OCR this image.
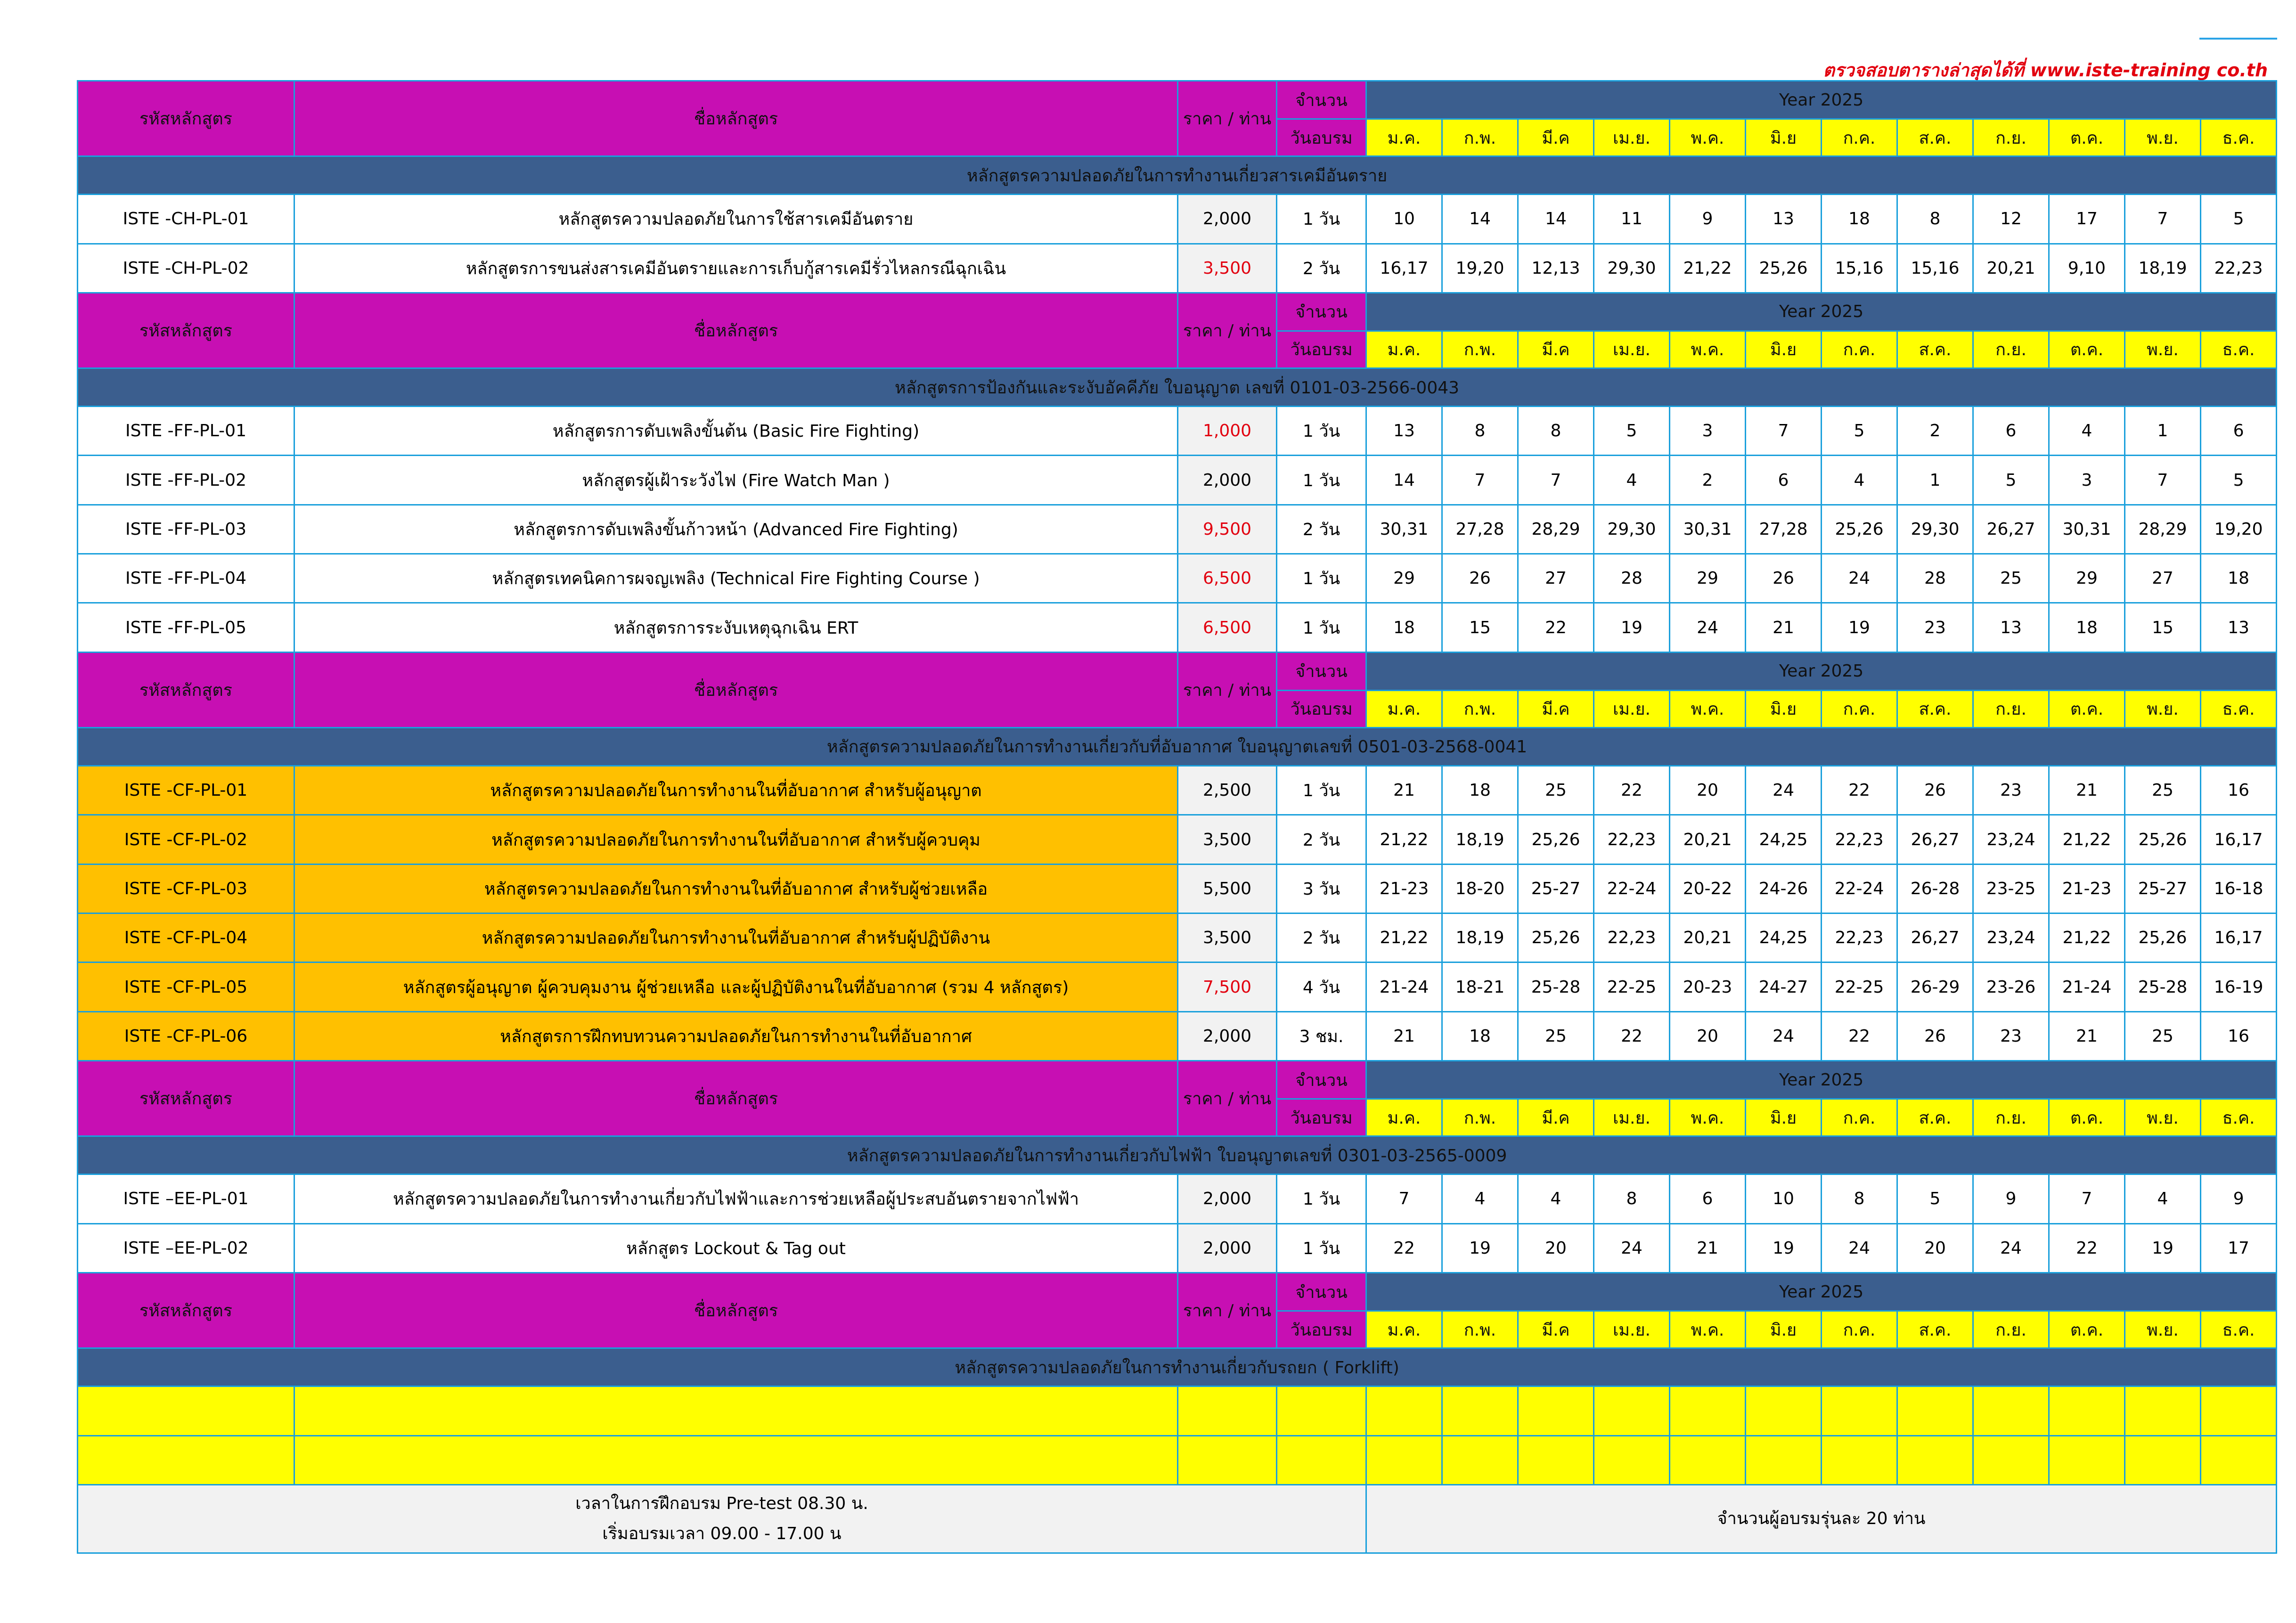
ตรวจสอบตารางล่าสุดได้ที่ www.iste-training co.th
รหัสหลักสูตร	ชื่อหลักสูตร	ราคา / ท่าน	จำนวน	Year 2025											
			วันอบรม	ม.ค.	ก.พ.	มี.ค	เม.ย.	พ.ค.	มิ.ย	ก.ค.	ส.ค.	ก.ย.	ต.ค.	พ.ย.	ธ.ค.
หลักสูตรความปลอดภัยในการทำงานเกี่ยวสารเคมีอันตราย															
ISTE -CH-PL-01	หลักสูตรความปลอดภัยในการใช้สารเคมีอันตราย	2,000	1 วัน	10	14	14	11	9	13	18	8	12	17	7	5
ISTE -CH-PL-02	หลักสูตรการขนส่งสารเคมีอันตรายและการเก็บกู้สารเคมีรั่วไหลกรณีฉุกเฉิน	3,500	2 วัน	16,17	19,20	12,13	29,30	21,22	25,26	15,16	15,16	20,21	9,10	18,19	22,23
รหัสหลักสูตร	ชื่อหลักสูตร	ราคา / ท่าน	จำนวน	Year 2025											
			วันอบรม	ม.ค.	ก.พ.	มี.ค	เม.ย.	พ.ค.	มิ.ย	ก.ค.	ส.ค.	ก.ย.	ต.ค.	พ.ย.	ธ.ค.
หลักสูตรการป้องกันและระงับอัคคีภัย ใบอนุญาต เลขที่ 0101-03-2566-0043															
ISTE -FF-PL-01	หลักสูตรการดับเพลิงขั้นต้น (Basic Fire Fighting)	1,000	1 วัน	13	8	8	5	3	7	5	2	6	4	1	6
ISTE -FF-PL-02	หลักสูตรผู้เฝ้าระวังไฟ (Fire Watch Man )	2,000	1 วัน	14	7	7	4	2	6	4	1	5	3	7	5
ISTE -FF-PL-03	หลักสูตรการดับเพลิงขั้นก้าวหน้า (Advanced Fire Fighting)	9,500	2 วัน	30,31	27,28	28,29	29,30	30,31	27,28	25,26	29,30	26,27	30,31	28,29	19,20
ISTE -FF-PL-04	หลักสูตรเทคนิคการผจญเพลิง (Technical Fire Fighting Course )	6,500	1 วัน	29	26	27	28	29	26	24	28	25	29	27	18
ISTE -FF-PL-05	หลักสูตรการระงับเหตุฉุกเฉิน ERT	6,500	1 วัน	18	15	22	19	24	21	19	23	13	18	15	13
รหัสหลักสูตร	ชื่อหลักสูตร	ราคา / ท่าน	จำนวน	Year 2025											
			วันอบรม	ม.ค.	ก.พ.	มี.ค	เม.ย.	พ.ค.	มิ.ย	ก.ค.	ส.ค.	ก.ย.	ต.ค.	พ.ย.	ธ.ค.
หลักสูตรความปลอดภัยในการทำงานเกี่ยวกับที่อับอากาศ ใบอนุญาตเลขที่ 0501-03-2568-0041															
ISTE -CF-PL-01	หลักสูตรความปลอดภัยในการทำงานในที่อับอากาศ สำหรับผู้อนุญาต	2,500	1 วัน	21	18	25	22	20	24	22	26	23	21	25	16
ISTE -CF-PL-02	หลักสูตรความปลอดภัยในการทำงานในที่อับอากาศ สำหรับผู้ควบคุม	3,500	2 วัน	21,22	18,19	25,26	22,23	20,21	24,25	22,23	26,27	23,24	21,22	25,26	16,17
ISTE -CF-PL-03	หลักสูตรความปลอดภัยในการทำงานในที่อับอากาศ สำหรับผู้ช่วยเหลือ	5,500	3 วัน	21-23	18-20	25-27	22-24	20-22	24-26	22-24	26-28	23-25	21-23	25-27	16-18
ISTE -CF-PL-04	หลักสูตรความปลอดภัยในการทำงานในที่อับอากาศ สำหรับผู้ปฏิบัติงาน	3,500	2 วัน	21,22	18,19	25,26	22,23	20,21	24,25	22,23	26,27	23,24	21,22	25,26	16,17
ISTE -CF-PL-05	หลักสูตรผู้อนุญาต ผู้ควบคุมงาน ผู้ช่วยเหลือ และผู้ปฏิบัติงานในที่อับอากาศ (รวม 4 หลักสูตร)	7,500	4 วัน	21-24	18-21	25-28	22-25	20-23	24-27	22-25	26-29	23-26	21-24	25-28	16-19
ISTE -CF-PL-06	หลักสูตรการฝึกทบทวนความปลอดภัยในการทำงานในที่อับอากาศ	2,000	3 ชม.	21	18	25	22	20	24	22	26	23	21	25	16
รหัสหลักสูตร	ชื่อหลักสูตร	ราคา / ท่าน	จำนวน	Year 2025											
			วันอบรม	ม.ค.	ก.พ.	มี.ค	เม.ย.	พ.ค.	มิ.ย	ก.ค.	ส.ค.	ก.ย.	ต.ค.	พ.ย.	ธ.ค.
หลักสูตรความปลอดภัยในการทำงานเกี่ยวกับไฟฟ้า ใบอนุญาตเลขที่ 0301-03-2565-0009															
ISTE –EE-PL-01	หลักสูตรความปลอดภัยในการทำงานเกี่ยวกับไฟฟ้าและการช่วยเหลือผู้ประสบอันตรายจากไฟฟ้า	2,000	1 วัน	7	4	4	8	6	10	8	5	9	7	4	9
ISTE –EE-PL-02	หลักสูตร Lockout & Tag out	2,000	1 วัน	22	19	20	24	21	19	24	20	24	22	19	17
รหัสหลักสูตร	ชื่อหลักสูตร	ราคา / ท่าน	จำนวน	Year 2025											
			วันอบรม	ม.ค.	ก.พ.	มี.ค	เม.ย.	พ.ค.	มิ.ย	ก.ค.	ส.ค.	ก.ย.	ต.ค.	พ.ย.	ธ.ค.
หลักสูตรความปลอดภัยในการทำงานเกี่ยวกับรถยก ( Forklift)															

เวลาในการฝึกอบรม Pre-test 08.30 น.
เริ่มอบรมเวลา 09.00 - 17.00 น				จำนวนผู้อบรมรุ่นละ 20 ท่าน											
